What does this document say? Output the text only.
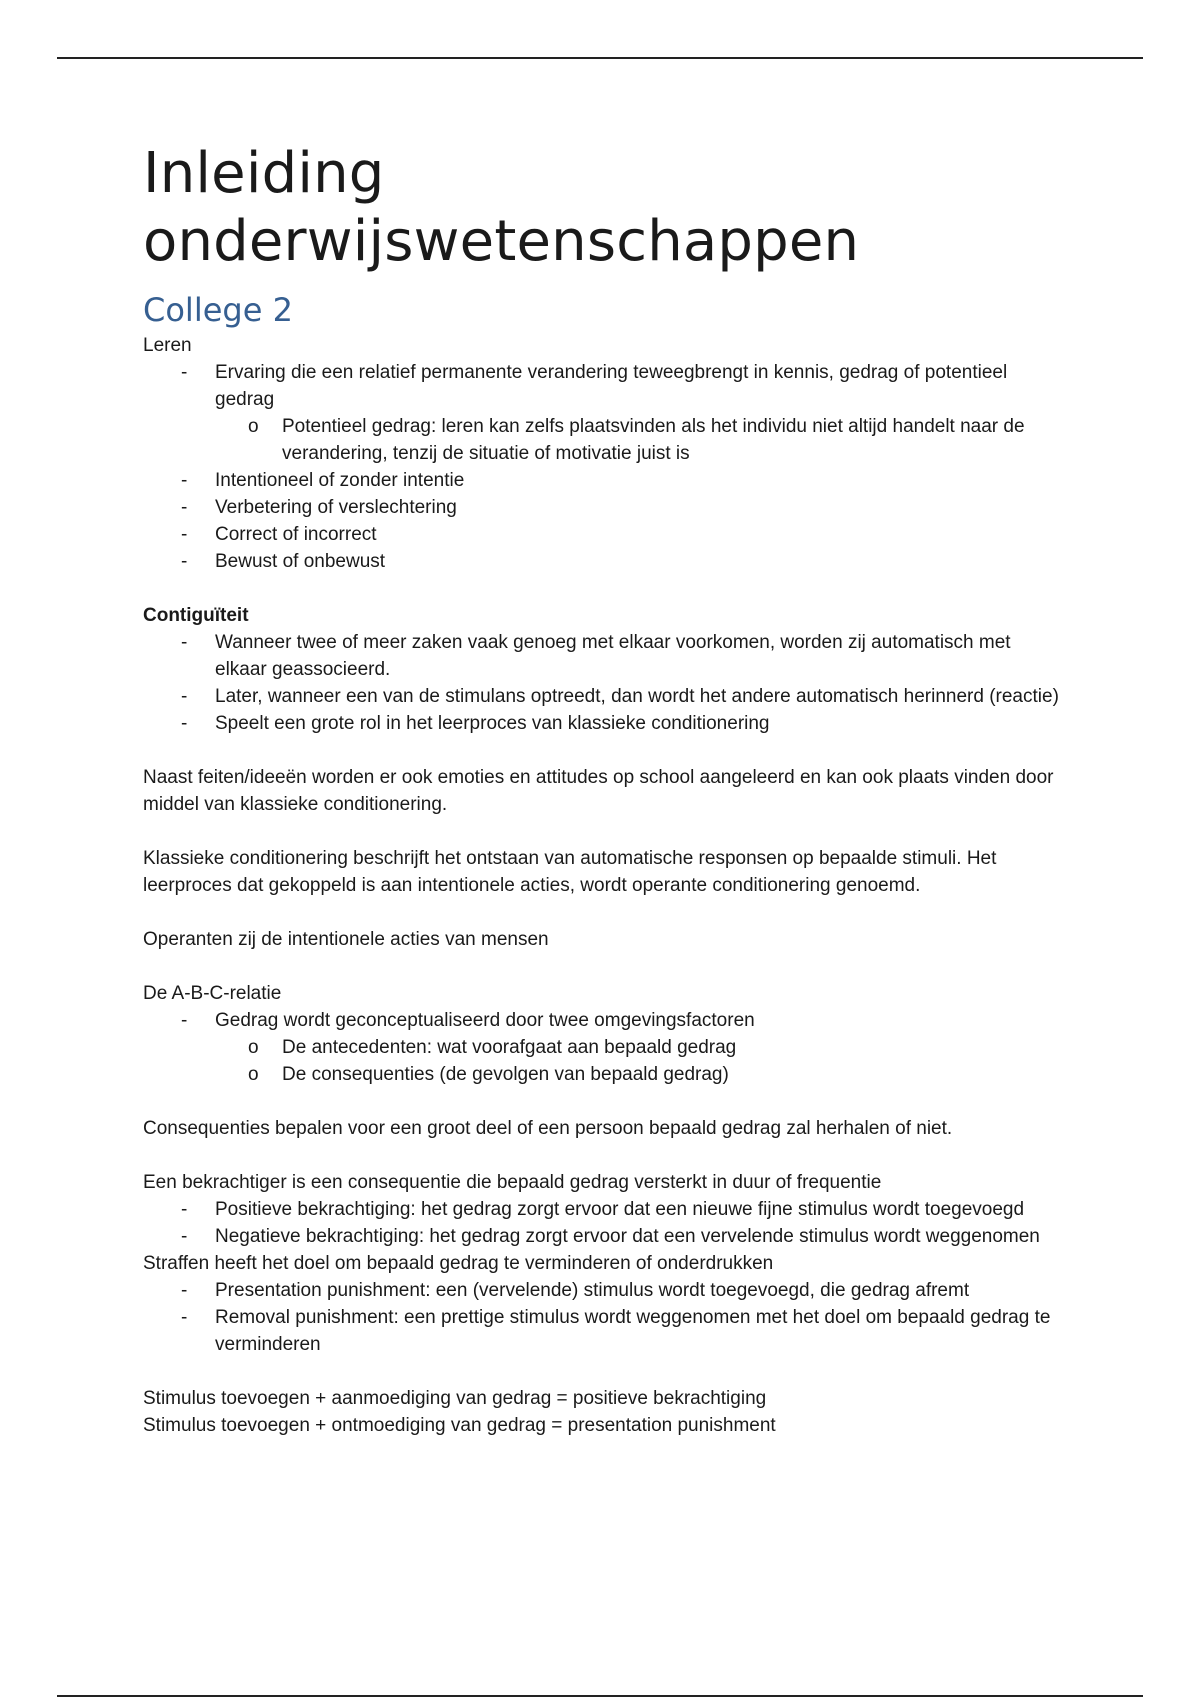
Inleiding
onderwijswetenschappen
College 2

Leren

- Ervaring die een relatief permanente verandering teweegbrengt in kennis, gedrag of potentieel gedrag
o Potentieel gedrag: leren kan zelfs plaatsvinden als het individu niet altijd handelt naar de verandering, tenzij de situatie of motivatie juist is
- Intentioneel of zonder intentie
- Verbetering of verslechtering
- Correct of incorrect
- Bewust of onbewust

Contiguïteit

- Wanneer twee of meer zaken vaak genoeg met elkaar voorkomen, worden zij automatisch met elkaar geassocieerd.
- Later, wanneer een van de stimulans optreedt, dan wordt het andere automatisch herinnerd (reactie)
- Speelt een grote rol in het leerproces van klassieke conditionering

Naast feiten/ideeën worden er ook emoties en attitudes op school aangeleerd en kan ook plaats vinden door middel van klassieke conditionering.

Klassieke conditionering beschrijft het ontstaan van automatische responsen op bepaalde stimuli. Het leerproces dat gekoppeld is aan intentionele acties, wordt operante conditionering genoemd.

Operanten zij de intentionele acties van mensen

De A-B-C-relatie

- Gedrag wordt geconceptualiseerd door twee omgevingsfactoren
o De antecedenten: wat voorafgaat aan bepaald gedrag
o De consequenties (de gevolgen van bepaald gedrag)

Consequenties bepalen voor een groot deel of een persoon bepaald gedrag zal herhalen of niet.

Een bekrachtiger is een consequentie die bepaald gedrag versterkt in duur of frequentie

- Positieve bekrachtiging: het gedrag zorgt ervoor dat een nieuwe fijne stimulus wordt toegevoegd
- Negatieve bekrachtiging: het gedrag zorgt ervoor dat een vervelende stimulus wordt weggenomen

Straffen heeft het doel om bepaald gedrag te verminderen of onderdrukken

- Presentation punishment: een (vervelende) stimulus wordt toegevoegd, die gedrag afremt
- Removal punishment: een prettige stimulus wordt weggenomen met het doel om bepaald gedrag te verminderen

Stimulus toevoegen + aanmoediging van gedrag = positieve bekrachtiging

Stimulus toevoegen + ontmoediging van gedrag = presentation punishment
